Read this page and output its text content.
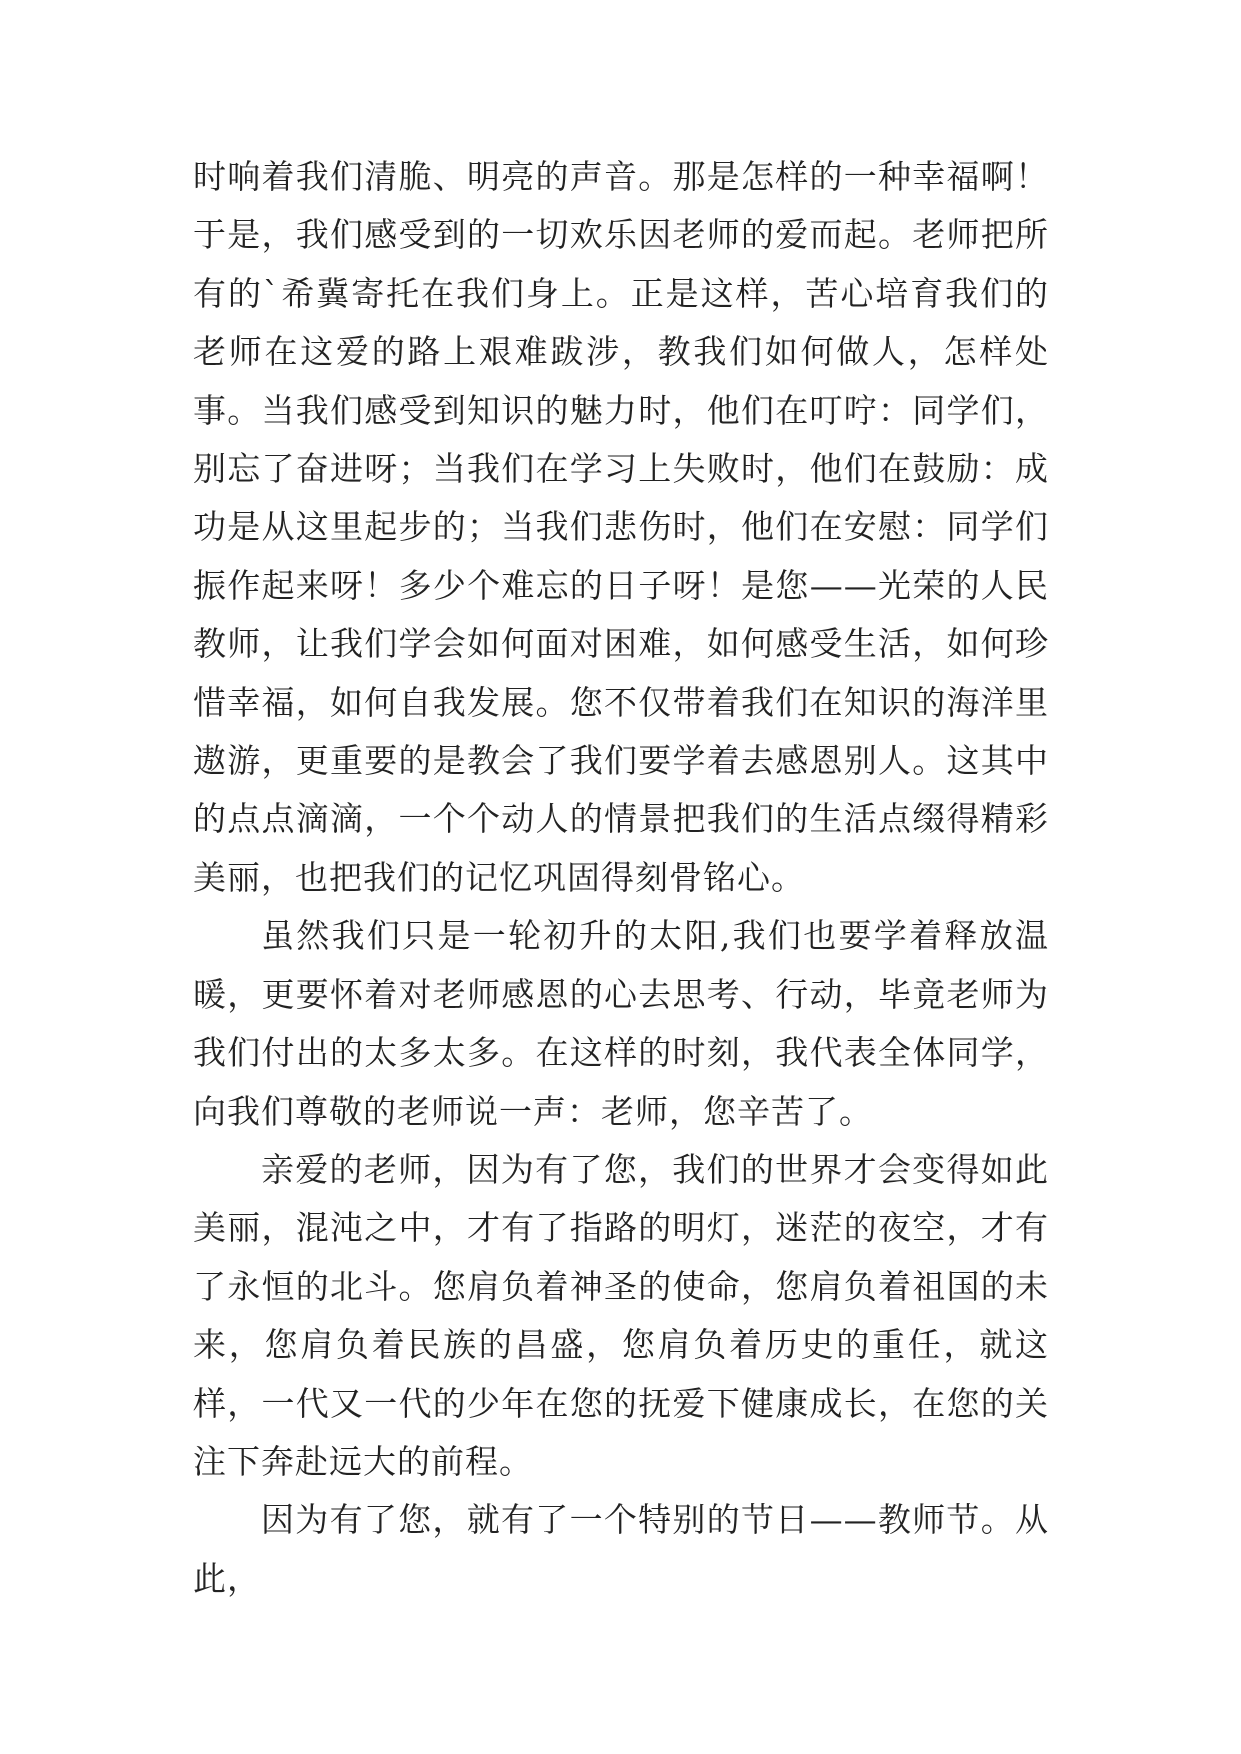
时响着我们清脆、明亮的声音。那是怎样的一种幸福啊！于是，我们感受到的一切欢乐因老师的爱而起。老师把所有的`希冀寄托在我们身上。正是这样，苦心培育我们的老师在这爱的路上艰难跋涉，教我们如何做人，怎样处事。当我们感受到知识的魅力时，他们在叮咛：同学们，别忘了奋进呀；当我们在学习上失败时，他们在鼓励：成功是从这里起步的；当我们悲伤时，他们在安慰：同学们振作起来呀！多少个难忘的日子呀！是您——光荣的人民教师，让我们学会如何面对困难，如何感受生活，如何珍惜幸福，如何自我发展。您不仅带着我们在知识的海洋里遨游，更重要的是教会了我们要学着去感恩别人。这其中的点点滴滴，一个个动人的情景把我们的生活点缀得精彩美丽，也把我们的记忆巩固得刻骨铭心。

虽然我们只是一轮初升的太阳,我们也要学着释放温暖，更要怀着对老师感恩的心去思考、行动，毕竟老师为我们付出的太多太多。在这样的时刻，我代表全体同学，向我们尊敬的老师说一声：老师，您辛苦了。

亲爱的老师，因为有了您，我们的世界才会变得如此美丽，混沌之中，才有了指路的明灯，迷茫的夜空，才有了永恒的北斗。您肩负着神圣的使命，您肩负着祖国的未来，您肩负着民族的昌盛，您肩负着历史的重任，就这样，一代又一代的少年在您的抚爱下健康成长，在您的关注下奔赴远大的前程。

因为有了您，就有了一个特别的节日——教师节。从此，
